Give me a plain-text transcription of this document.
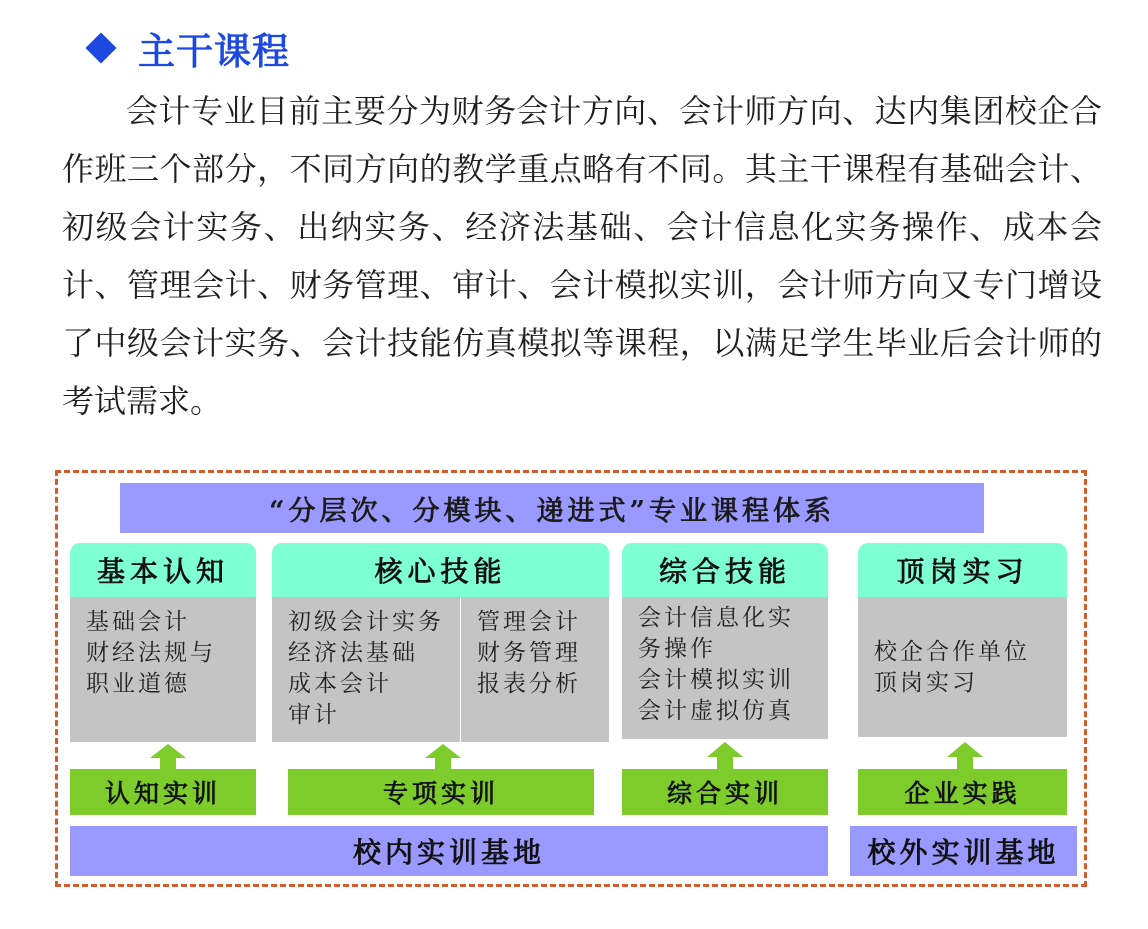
主干课程
会计专业目前主要分为财务会计方向、会计师方向、达内集团校企合作班三个部分，不同方向的教学重点略有不同。其主干课程有基础会计、初级会计实务、出纳实务、经济法基础、会计信息化实务操作、成本会计、管理会计、财务管理、审计、会计模拟实训，会计师方向又专门增设了中级会计实务、会计技能仿真模拟等课程，以满足学生毕业后会计师的考试需求。
“分层次、分模块、递进式”专业课程体系
基本认知
基础会计
财经法规与
职业道德
核心技能
初级会计实务
经济法基础
成本会计
审计
管理会计
财务管理
报表分析
综合技能
会计信息化实
务操作
会计模拟实训
会计虚拟仿真
顶岗实习
校企合作单位
顶岗实习
认知实训	专项实训	综合实训	企业实践
校内实训基地	校外实训基地
